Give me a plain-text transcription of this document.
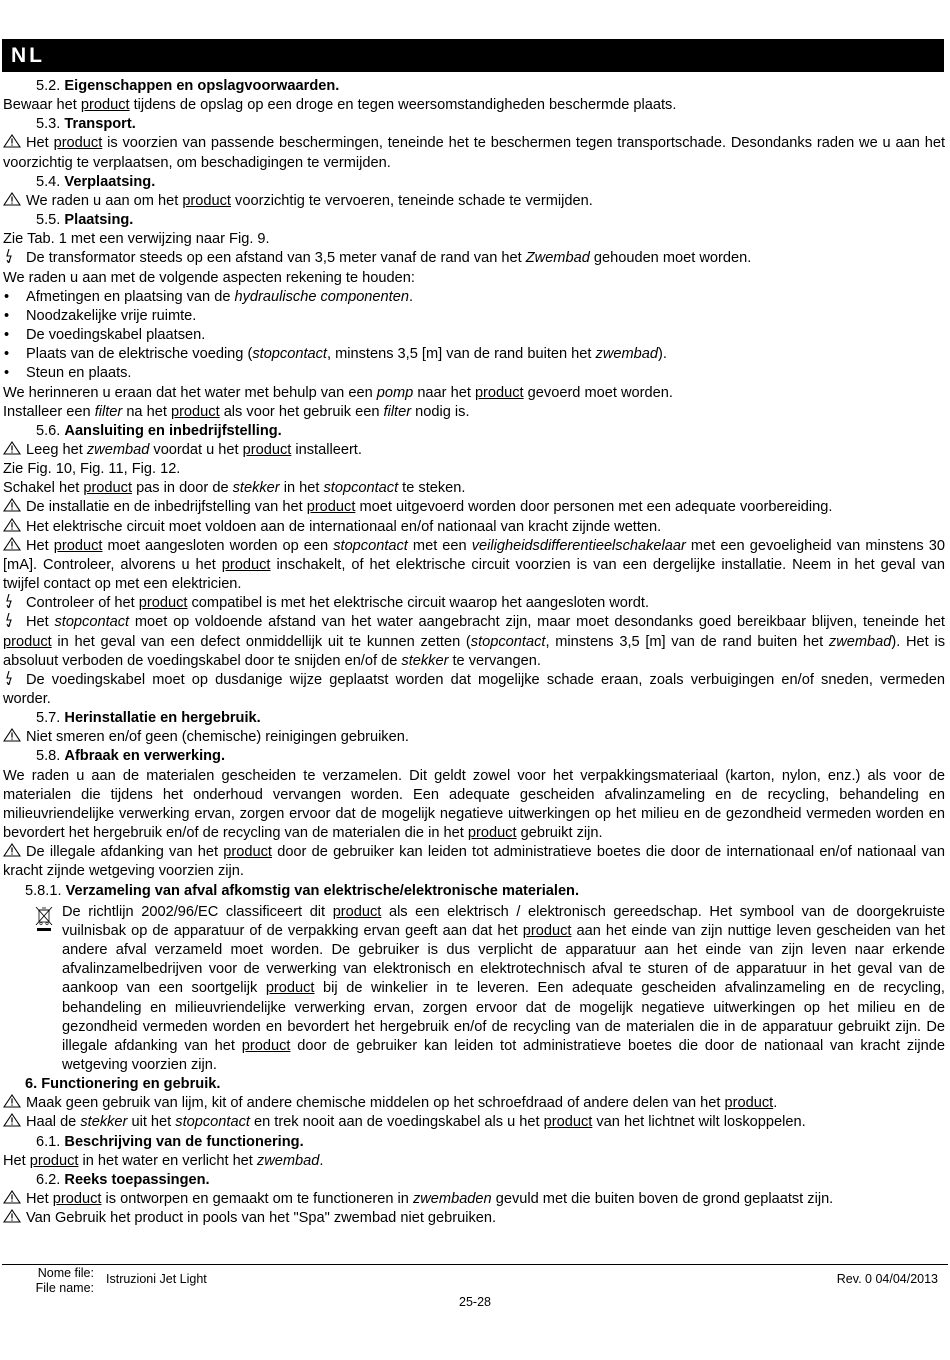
NL

5.2. Eigenschappen en opslagvoorwaarden.

Bewaar het product tijdens de opslag op een droge en tegen weersomstandigheden beschermde plaats.

5.3. Transport.

Het product is voorzien van passende beschermingen, teneinde het te beschermen tegen transportschade. Desondanks raden we u aan het voorzichtig te verplaatsen, om beschadigingen te vermijden.

5.4. Verplaatsing.

We raden u aan om het product voorzichtig te vervoeren, teneinde schade te vermijden.

5.5. Plaatsing.

Zie Tab. 1 met een verwijzing naar Fig. 9.

De transformator steeds op een afstand van 3,5 meter vanaf de rand van het Zwembad gehouden moet worden.

We raden u aan met de volgende aspecten rekening te houden:

• Afmetingen en plaatsing van de hydraulische componenten.

• Noodzakelijke vrije ruimte.

• De voedingskabel plaatsen.

• Plaats van de elektrische voeding (stopcontact, minstens 3,5 [m] van de rand buiten het zwembad).

• Steun en plaats.

We herinneren u eraan dat het water met behulp van een pomp naar het product gevoerd moet worden.

Installeer een filter na het product als voor het gebruik een filter nodig is.

5.6. Aansluiting en inbedrijfstelling.

Leeg het zwembad voordat u het product installeert.

Zie Fig. 10, Fig. 11, Fig. 12.

Schakel het product pas in door de stekker in het stopcontact te steken.

De installatie en de inbedrijfstelling van het product moet uitgevoerd worden door personen met een adequate voorbereiding.

Het elektrische circuit moet voldoen aan de internationaal en/of nationaal van kracht zijnde wetten.

Het product moet aangesloten worden op een stopcontact met een veiligheidsdifferentieelschakelaar met een gevoeligheid van minstens 30 [mA]. Controleer, alvorens u het product inschakelt, of het elektrische circuit voorzien is van een dergelijke installatie. Neem in het geval van twijfel contact op met een elektricien.

Controleer of het product compatibel is met het elektrische circuit waarop het aangesloten wordt.

Het stopcontact moet op voldoende afstand van het water aangebracht zijn, maar moet desondanks goed bereikbaar blijven, teneinde het product in het geval van een defect onmiddellijk uit te kunnen zetten (stopcontact, minstens 3,5 [m] van de rand buiten het zwembad). Het is absoluut verboden de voedingskabel door te snijden en/of de stekker te vervangen.

De voedingskabel moet op dusdanige wijze geplaatst worden dat mogelijke schade eraan, zoals verbuigingen en/of sneden, vermeden worder.

5.7. Herinstallatie en hergebruik.

Niet smeren en/of geen (chemische) reinigingen gebruiken.

5.8. Afbraak en verwerking.

We raden u aan de materialen gescheiden te verzamelen. Dit geldt zowel voor het verpakkingsmateriaal (karton, nylon, enz.) als voor de materialen die tijdens het onderhoud vervangen worden. Een adequate gescheiden afvalinzameling en de recycling, behandeling en milieuvriendelijke verwerking ervan, zorgen ervoor dat de mogelijk negatieve uitwerkingen op het milieu en de gezondheid vermeden worden en bevordert het hergebruik en/of de recycling van de materialen die in het product gebruikt zijn.

De illegale afdanking van het product door de gebruiker kan leiden tot administratieve boetes die door de internationaal en/of nationaal van kracht zijnde wetgeving voorzien zijn.

5.8.1. Verzameling van afval afkomstig van elektrische/elektronische materialen.

De richtlijn 2002/96/EC classificeert dit product als een elektrisch / elektronisch gereedschap. Het symbool van de doorgekruiste vuilnisbak op de apparatuur of de verpakking ervan geeft aan dat het product aan het einde van zijn nuttige leven gescheiden van het andere afval verzameld moet worden. De gebruiker is dus verplicht de apparatuur aan het einde van zijn leven naar erkende afvalinzamelbedrijven voor de verwerking van elektronisch en elektrotechnisch afval te sturen of de apparatuur in het geval van de aankoop van een soortgelijk product bij de winkelier in te leveren. Een adequate gescheiden afvalinzameling en de recycling, behandeling en milieuvriendelijke verwerking ervan, zorgen ervoor dat de mogelijk negatieve uitwerkingen op het milieu en de gezondheid vermeden worden en bevordert het hergebruik en/of de recycling van de materialen die in de apparatuur gebruikt zijn. De illegale afdanking van het product door de gebruiker kan leiden tot administratieve boetes die door de nationaal van kracht zijnde wetgeving voorzien zijn.

6. Functionering en gebruik.

Maak geen gebruik van lijm, kit of andere chemische middelen op het schroefdraad of andere delen van het product.

Haal de stekker uit het stopcontact en trek nooit aan de voedingskabel als u het product van het lichtnet wilt loskoppelen.

6.1. Beschrijving van de functionering.

Het product in het water en verlicht het zwembad.

6.2. Reeks toepassingen.

Het product is ontworpen en gemaakt om te functioneren in zwembaden gevuld met die buiten boven de grond geplaatst zijn.

Van Gebruik het product in pools van het "Spa" zwembad niet gebruiken.

Nome file:
File name:
Istruzioni Jet Light	Rev. 0 04/04/2013
25-28
